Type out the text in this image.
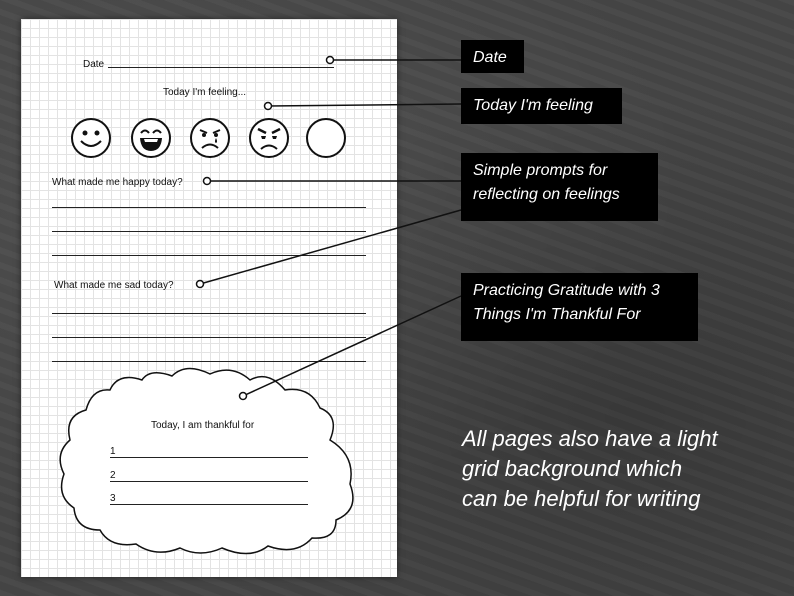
Date
Today I'm feeling...
What made me happy today?
What made me sad today?
Today, I am thankful for
1
2
3
Date
Today I'm feeling
Simple prompts for
reflecting on feelings
Practicing Gratitude with 3
Things I'm Thankful For
All pages also have a light
grid background which
can be helpful for writing
